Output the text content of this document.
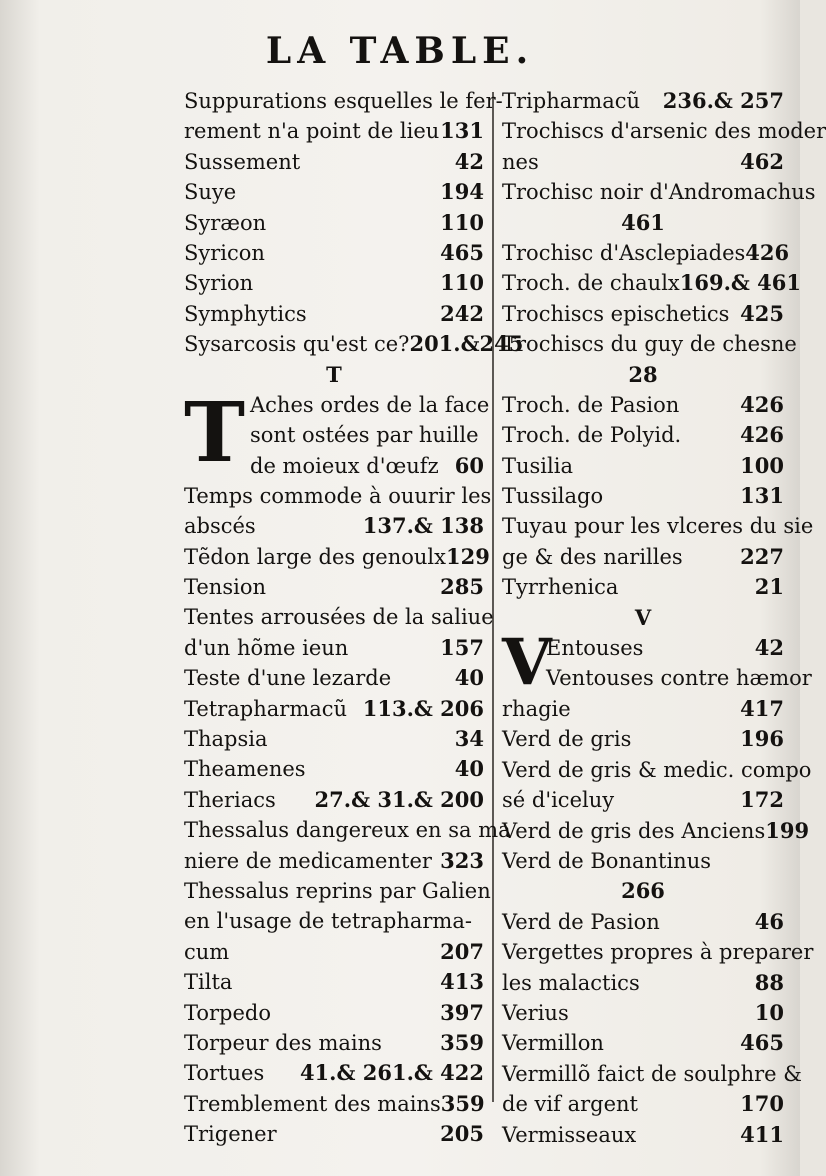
LA TABLE.
Suppurations esquelles le fer-
rement n'a point de lieu 131
Sussement	42
Suye	194
Syræon	110
Syricon	465
Syrion	110
Symphytics	242
Sysarcosis qu'est ce? 201.&245
T
T Aches ordes de la face
sont ostées par huille
de moieux d'œufz 60
Temps commode à ouurir les
abscés	137.& 138
Tẽdon large des genoulx 129
Tension	285
Tentes arrousées de la saliue
d'un hõme ieun	157
Teste d'une lezarde	40
Tetrapharmacũ 113.& 206
Thapsia	34
Theamenes	40
Theriacs 27.& 31.& 200
Thessalus dangereux en sa ma
niere de medicamenter 323
Thessalus reprins par Galien
en l'usage de tetrapharma-
cum	207
Tilta	413
Torpedo	397
Torpeur des mains	359
Tortues 41.& 261.& 422
Tremblement des mains 359
Trigener	205
Tripharmacũ 236.& 257
Trochiscs d'arsenic des moder
nes	462
Trochisc noir d'Andromachus
461
Trochisc d'Asclepiades 426
Troch. de chaulx 169.& 461
Trochiscs epischetics 425
Trochiscs du guy de chesne
28
Troch. de Pasion	426
Troch. de Polyid.	426
Tusilia	100
Tussilago	131
Tuyau pour les vlceres du sie
ge & des narilles	227
Tyrrhenica	21
V
V
Entouses	42
Ventouses contre hæmor
rhagie	417
Verd de gris	196
Verd de gris & medic. compo
sé d'iceluy	172
Verd de gris des Anciens 199
Verd de Bonantinus
266
Verd de Pasion	46
Vergettes propres à preparer
les malactics	88
Verius	10
Vermillon	465
Vermillõ faict de soulphre &
de vif argent	170
Vermisseaux	411
